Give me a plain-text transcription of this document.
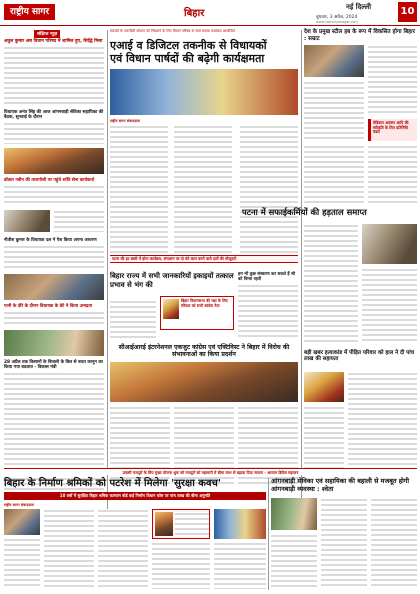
राष्ट्रीय सागर	बिहार
नई दिल्ली
बुधवार, 3 अप्रैल, 2024
10
www.rashtriyasagar.com
संक्षिप्त न्यूज़
अतुल कुमार अब विधान परिषद में शामिल हुए, सिद्धि मिला
विधायक अनंत सिंह की आज आंगनबाड़ी सेविका सहायिका की बैठक, सुनवाई के दौरान
डॉक्टर नवीन की ताजपोशी पर पहुंचे शांति सेना कार्यकर्ता
नीतीश कुमार के विधायक दल ने पेश किया अपना आचरण
पत्नी के दौरे के दौरान विधायक के बेटे ने किया अभद्रता
28 अप्रैल तक किसानों के बिजली के बिल से बचत कानून का किया गया बदलाव - विकास मंत्री
सदस्यों के तकनीकी कौशल को निखारने के लिए विधान परिषद के स्वयं सदस्य कार्यक्रम आयोजित
एआई व डिजिटल तकनीक से विधायकों
एवं विधान पार्षदों की बढ़ेगी कार्यक्षमता
राष्ट्रीय सागर संवाददाता
पटना की हर बस्ती में होगा कार्यक्रम, संचालन पर दो घंटे काम करने वाले दलों की मौजूदगी
बिहार राज्य में सभी जानकारियों इकाइयों तत्काल प्रभाव से भंग की
बिहार विधानसभा की रक्षा के लिए रविवार को सभी कांग्रेस नेता
हम भी कुछ संस्करण कर सकते हैं सौ को चिन्ता रहती
सीआईआरई इंटरनेशनल एकजुट कांग्रेस एवं एक्टिविस्ट ने बिहार में विरोध की संभावनाओं का किया प्रदर्शन
देश के प्रमुख स्टील हब के रूप में विकसित होगा बिहार : सम्राट
मेडिकल अफ़सर आदि की स्वीकृति के लिए प्रतिनिधि मंडल
पटना में सफाईकर्मियों की हड़ताल समाप्त
बड़ी खबर हत्याकांड में पीड़ित परिवार को हाल ने दी पांच लाख की सहायता
प्रवासी मजदूरों के लिए मुख्य योजना शुरू को मजदूरों को महामारी में बीमा लाभ से बढ़ावा दिया जाएगा - आरएम डिफेंस महाजन
बिहार के निर्माण श्रमिकों को पटरेश में मिलेगा 'सुरक्षा कवच'
10 वर्षों में सुरक्षित बिहार श्रमिक कल्याण बोर्ड कई निर्माण विधान कोष पर पांच लाख की बीमा अनुमति
राष्ट्रीय सागर संवाददाता
आंगनबाड़ी सेविका एवं सहायिका की बहाली से मजबूत होगी आंगनबाड़ी व्यवस्था : श्वेता
